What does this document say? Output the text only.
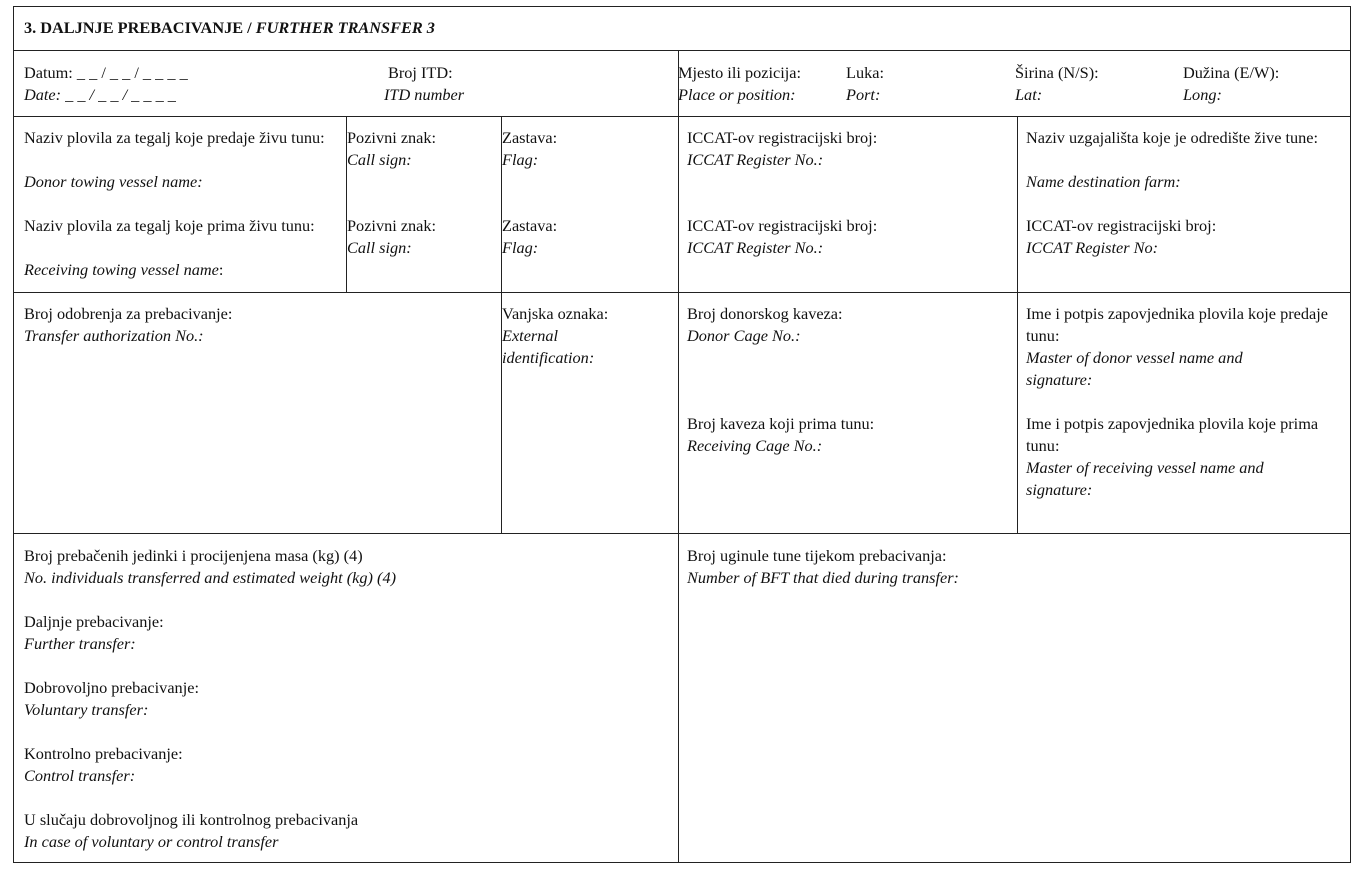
3. DALJNJE PREBACIVANJE / FURTHER TRANSFER 3
Datum: _ _ / _ _ / _ _ _ _
Date: _ _ / _ _ / _ _ _ _
Broj ITD:
ITD number
Mjesto ili pozicija:
Place or position:
Luka:
Port:
Širina (N/S):
Lat:
Dužina (E/W):
Long:
Naziv plovila za tegalj koje predaje živu tunu:
Donor towing vessel name:
Naziv plovila za tegalj koje prima živu tunu:
Receiving towing vessel name:
Pozivni znak:
Call sign:
Pozivni znak:
Call sign:
Zastava:
Flag:
Zastava:
Flag:
ICCAT-ov registracijski broj:
ICCAT Register No.:
ICCAT-ov registracijski broj:
ICCAT Register No.:
Naziv uzgajališta koje je odredište žive tune:
Name destination farm:
ICCAT-ov registracijski broj:
ICCAT Register No:
Broj odobrenja za prebacivanje:
Transfer authorization No.:
Vanjska oznaka:
External identification:
Broj donorskog kaveza:
Donor Cage No.:
Broj kaveza koji prima tunu:
Receiving Cage No.:
Ime i potpis zapovjednika plovila koje predaje tunu:
Master of donor vessel name and signature:
Ime i potpis zapovjednika plovila koje prima tunu:
Master of receiving vessel name and signature:
Broj prebačenih jedinki i procijenjena masa (kg) (4)
No. individuals transferred and estimated weight (kg) (4)
Daljnje prebacivanje:
Further transfer:
Dobrovoljno prebacivanje:
Voluntary transfer:
Kontrolno prebacivanje:
Control transfer:
U slučaju dobrovoljnog ili kontrolnog prebacivanja
In case of voluntary or control transfer
Broj uginule tune tijekom prebacivanja:
Number of BFT that died during transfer:
